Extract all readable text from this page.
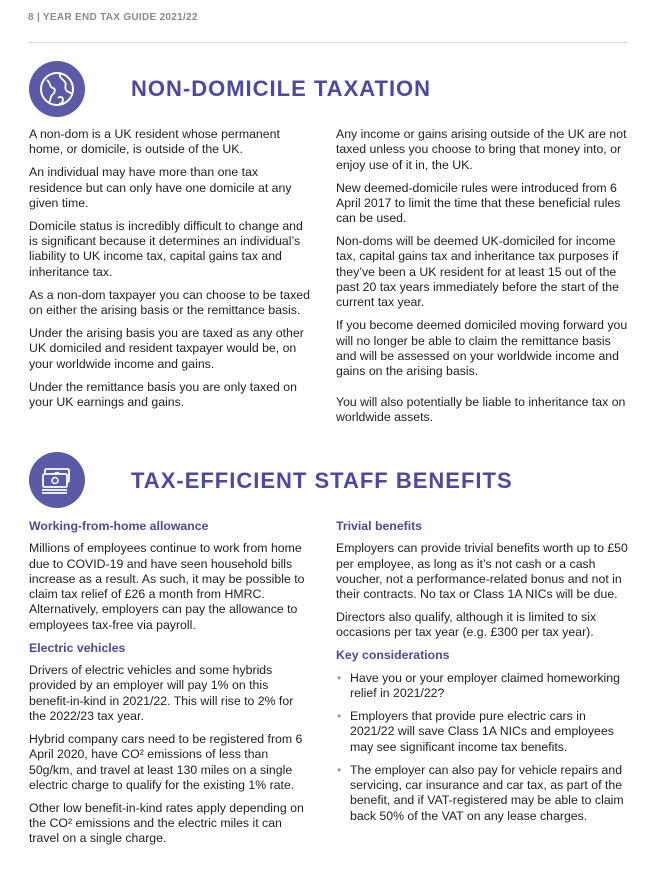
8 | YEAR END TAX GUIDE 2021/22
NON-DOMICILE TAXATION

A non-dom is a UK resident whose permanent home, or domicile, is outside of the UK.

An individual may have more than one tax residence but can only have one domicile at any given time.

Domicile status is incredibly difficult to change and is significant because it determines an individual’s liability to UK income tax, capital gains tax and inheritance tax.

As a non-dom taxpayer you can choose to be taxed on either the arising basis or the remittance basis.

Under the arising basis you are taxed as any other UK domiciled and resident taxpayer would be, on your worldwide income and gains.

Under the remittance basis you are only taxed on your UK earnings and gains.

Any income or gains arising outside of the UK are not taxed unless you choose to bring that money into, or enjoy use of it in, the UK.

New deemed-domicile rules were introduced from 6 April 2017 to limit the time that these beneficial rules can be used.

Non-doms will be deemed UK-domiciled for income tax, capital gains tax and inheritance tax purposes if they’ve been a UK resident for at least 15 out of the past 20 tax years immediately before the start of the current tax year.

If you become deemed domiciled moving forward you will no longer be able to claim the remittance basis and will be assessed on your worldwide income and gains on the arising basis.

You will also potentially be liable to inheritance tax on worldwide assets.

TAX-EFFICIENT STAFF BENEFITS
Working-from-home allowance

Millions of employees continue to work from home due to COVID-19 and have seen household bills increase as a result. As such, it may be possible to claim tax relief of £26 a month from HMRC. Alternatively, employers can pay the allowance to employees tax-free via payroll.

Electric vehicles

Drivers of electric vehicles and some hybrids provided by an employer will pay 1% on this benefit-in-kind in 2021/22. This will rise to 2% for the 2022/23 tax year.

Hybrid company cars need to be registered from 6 April 2020, have CO² emissions of less than 50g/km, and travel at least 130 miles on a single electric charge to qualify for the existing 1% rate.

Other low benefit-in-kind rates apply depending on the CO² emissions and the electric miles it can travel on a single charge.

Trivial benefits

Employers can provide trivial benefits worth up to £50 per employee, as long as it’s not cash or a cash voucher, not a performance-related bonus and not in their contracts. No tax or Class 1A NICs will be due.

Directors also qualify, although it is limited to six occasions per tax year (e.g. £300 per tax year).

Key considerations
• Have you or your employer claimed homeworking relief in 2021/22?
• Employers that provide pure electric cars in 2021/22 will save Class 1A NICs and employees may see significant income tax benefits.
• The employer can also pay for vehicle repairs and servicing, car insurance and car tax, as part of the benefit, and if VAT-registered may be able to claim back 50% of the VAT on any lease charges.
